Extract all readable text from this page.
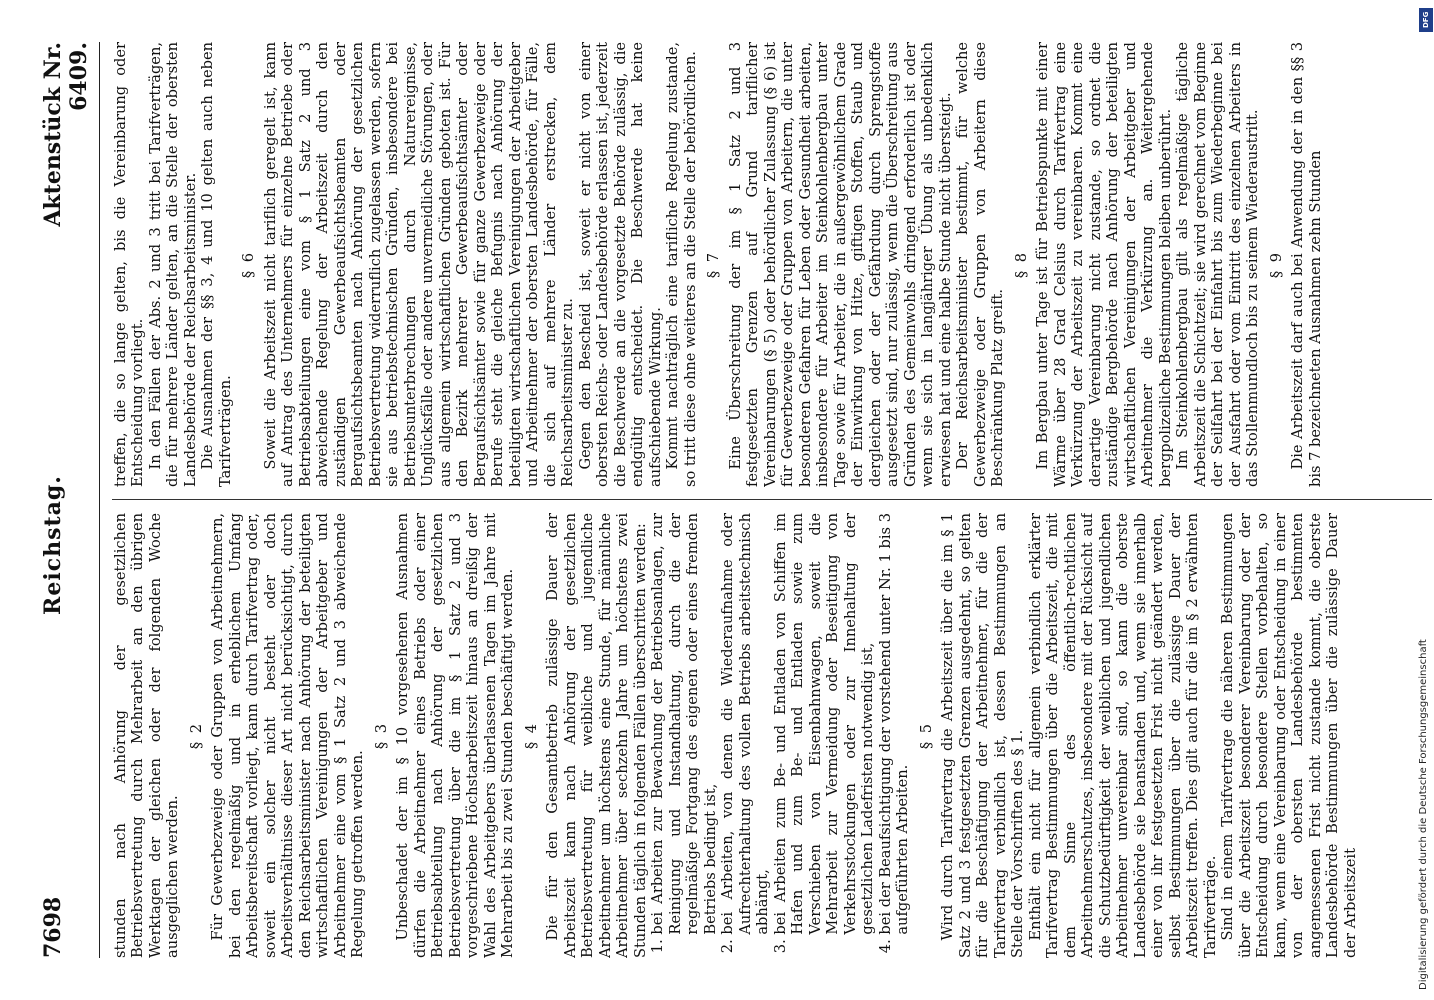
7698
Reichstag.
Aktenstück Nr. 6409.

stunden nach Anhörung der gesetzlichen Betriebsvertretung durch Mehrarbeit an den übrigen Werktagen der gleichen oder der folgenden Woche ausgeglichen werden.

§ 2 Für Gewerbezweige oder Gruppen von Arbeitnehmern, bei den regelmäßig und in erheblichem Umfang Arbeitsbereitschaft vorliegt, kann durch Tarifvertrag oder, soweit ein solcher nicht besteht oder doch Arbeitsverhältnisse dieser Art nicht berücksichtigt, durch den Reichsarbeitsminister nach Anhörung der beteiligten wirtschaftlichen Vereinigungen der Arbeitgeber und Arbeitnehmer eine vom § 1 Satz 2 und 3 abweichende Regelung getroffen werden.

§ 3 Unbeschadet der im § 10 vorgesehenen Ausnahmen dürfen die Arbeitnehmer eines Betriebs oder einer Betriebsabteilung nach Anhörung der gesetzlichen Betriebsvertretung über die im § 1 Satz 2 und 3 vorgeschriebene Höchstarbeitszeit hinaus an dreißig der Wahl des Arbeitgebers überlassenen Tagen im Jahre mit Mehrarbeit bis zu zwei Stunden beschäftigt werden. § 4 Die für den Gesamtbetrieb zulässige Dauer der Arbeitszeit kann nach Anhörung der gesetzlichen Betriebsvertretung für weibliche und jugendliche Arbeitnehmer um höchstens eine Stunde, für männliche Arbeitnehmer über sechzehn Jahre um höchstens zwei Stunden täglich in folgenden Fällen überschritten werden: 1. bei Arbeiten zur Bewachung der Betriebsanlagen, zur Reinigung und Instandhaltung, durch die der regelmäßige Fortgang des eigenen oder eines fremden Betriebs bedingt ist, 2. bei Arbeiten, von denen die Wiederaufnahme oder Aufrechterhaltung des vollen Betriebs arbeitstechnisch abhängt, 3. bei Arbeiten zum Be- und Entladen von Schiffen im Hafen und zum Be- und Entladen sowie zum Verschieben von Eisenbahnwagen, soweit die Mehrarbeit zur Vermeidung oder Beseitigung von Verkehrsstockungen oder zur Innehaltung der gesetzlichen Ladefristen notwendig ist, 4. bei der Beaufsichtigung der vorstehend unter Nr. 1 bis 3 aufgeführten Arbeiten.
§ 5 Wird durch Tarifvertrag die Arbeitszeit über die im § 1 Satz 2 und 3 festgesetzten Grenzen ausgedehnt, so gelten für die Beschäftigung der Arbeitnehmer, für die der Tarifvertrag verbindlich ist, dessen Bestimmungen an Stelle der Vorschriften des § 1. Enthält ein nicht für allgemein verbindlich erklärter Tarifvertrag Bestimmungen über die Arbeitszeit, die mit dem Sinne des öffentlich-rechtlichen Arbeitnehmerschutzes, insbesondere mit der Rücksicht auf die Schutzbedürftigkeit der weiblichen und jugendlichen Arbeitnehmer unvereinbar sind, so kann die oberste Landesbehörde sie beanstanden und, wenn sie innerhalb einer von ihr festgesetzten Frist nicht geändert werden, selbst Bestimmungen über die zulässige Dauer der Arbeitszeit treffen. Dies gilt auch für die im § 2 erwähnten Tarifverträge. Sind in einem Tarifvertrage die näheren Bestimmungen über die Arbeitszeit besonderer Vereinbarung oder der Entscheidung durch besondere Stellen vorbehalten, so kann, wenn eine Vereinbarung oder Entscheidung in einer von der obersten Landesbehörde bestimmten angemessenen Frist nicht zustande kommt, die oberste Landesbehörde Bestimmungen über die zulässige Dauer der Arbeitszeit

treffen, die so lange gelten, bis die Vereinbarung oder Entscheidung vorliegt. In den Fällen der Abs. 2 und 3 tritt bei Tarifverträgen, die für mehrere Länder gelten, an die Stelle der obersten Landesbehörde der Reichsarbeitsminister. Die Ausnahmen der §§ 3, 4 und 10 gelten auch neben Tarifverträgen.

§ 6 Soweit die Arbeitszeit nicht tariflich geregelt ist, kann auf Antrag des Unternehmers für einzelne Betriebe oder Betriebsabteilungen eine vom § 1 Satz 2 und 3 abweichende Regelung der Arbeitszeit durch den zuständigen Gewerbeaufsichtsbeamten oder Bergaufsichtsbeamten nach Anhörung der gesetzlichen Betriebsvertretung widerruflich zugelassen werden, sofern sie aus betriebstechnischen Gründen, insbesondere bei Betriebsunterbrechungen durch Naturereignisse, Unglücksfälle oder andere unvermeidliche Störungen, oder aus allgemein wirtschaftlichen Gründen geboten ist. Für den Bezirk mehrerer Gewerbeaufsichtsämter oder Bergaufsichtsämter sowie für ganze Gewerbezweige oder Berufe steht die gleiche Befugnis nach Anhörung der beteiligten wirtschaftlichen Vereinigungen der Arbeitgeber und Arbeitnehmer der obersten Landesbehörde, für Fälle, die sich auf mehrere Länder erstrecken, dem Reichsarbeitsminister zu. Gegen den Bescheid ist, soweit er nicht von einer obersten Reichs- oder Landesbehörde erlassen ist, jederzeit die Beschwerde an die vorgesetzte Behörde zulässig, die endgültig entscheidet. Die Beschwerde hat keine aufschiebende Wirkung. Kommt nachträglich eine tarifliche Regelung zustande, so tritt diese ohne weiteres an die Stelle der behördlichen. § 7 Eine Überschreitung der im § 1 Satz 2 und 3 festgesetzten Grenzen auf Grund tariflicher Vereinbarungen (§ 5) oder behördlicher Zulassung (§ 6) ist für Gewerbezweige oder Gruppen von Arbeitern, die unter besonderen Gefahren für Leben oder Gesundheit arbeiten, insbesondere für Arbeiter im Steinkohlenbergbau unter Tage sowie für Arbeiter, die in außergewöhnlichem Grade der Einwirkung von Hitze, giftigen Stoffen, Staub und dergleichen oder der Gefährdung durch Sprengstoffe ausgesetzt sind, nur zulässig, wenn die Überschreitung aus Gründen des Gemeinwohls dringend erforderlich ist oder wenn sie sich in langjähriger Übung als unbedenklich erwiesen hat und eine halbe Stunde nicht übersteigt. Der Reichsarbeitsminister bestimmt, für welche Gewerbezweige oder Gruppen von Arbeitern diese Beschränkung Platz greift.

§ 8 Im Bergbau unter Tage ist für Betriebspunkte mit einer Wärme über 28 Grad Celsius durch Tarifvertrag eine Verkürzung der Arbeitszeit zu vereinbaren. Kommt eine derartige Vereinbarung nicht zustande, so ordnet die zuständige Bergbehörde nach Anhörung der beteiligten wirtschaftlichen Vereinigungen der Arbeitgeber und Arbeitnehmer die Verkürzung an. Weitergehende bergpolizeiliche Bestimmungen bleiben unberührt. Im Steinkohlenbergbau gilt als regelmäßige tägliche Arbeitszeit die Schichtzeit; sie wird gerechnet vom Beginne der Seilfahrt bei der Einfahrt bis zum Wiederbeginne bei der Ausfahrt oder vom Eintritt des einzelnen Arbeiters in das Stollenmundloch bis zu seinem Wiederaustritt. § 9 Die Arbeitszeit darf auch bei Anwendung der in den §§ 3 bis 7 bezeichneten Ausnahmen zehn Stunden

DFG
Digitalisierung gefördert durch die Deutsche Forschungsgemeinschaft
